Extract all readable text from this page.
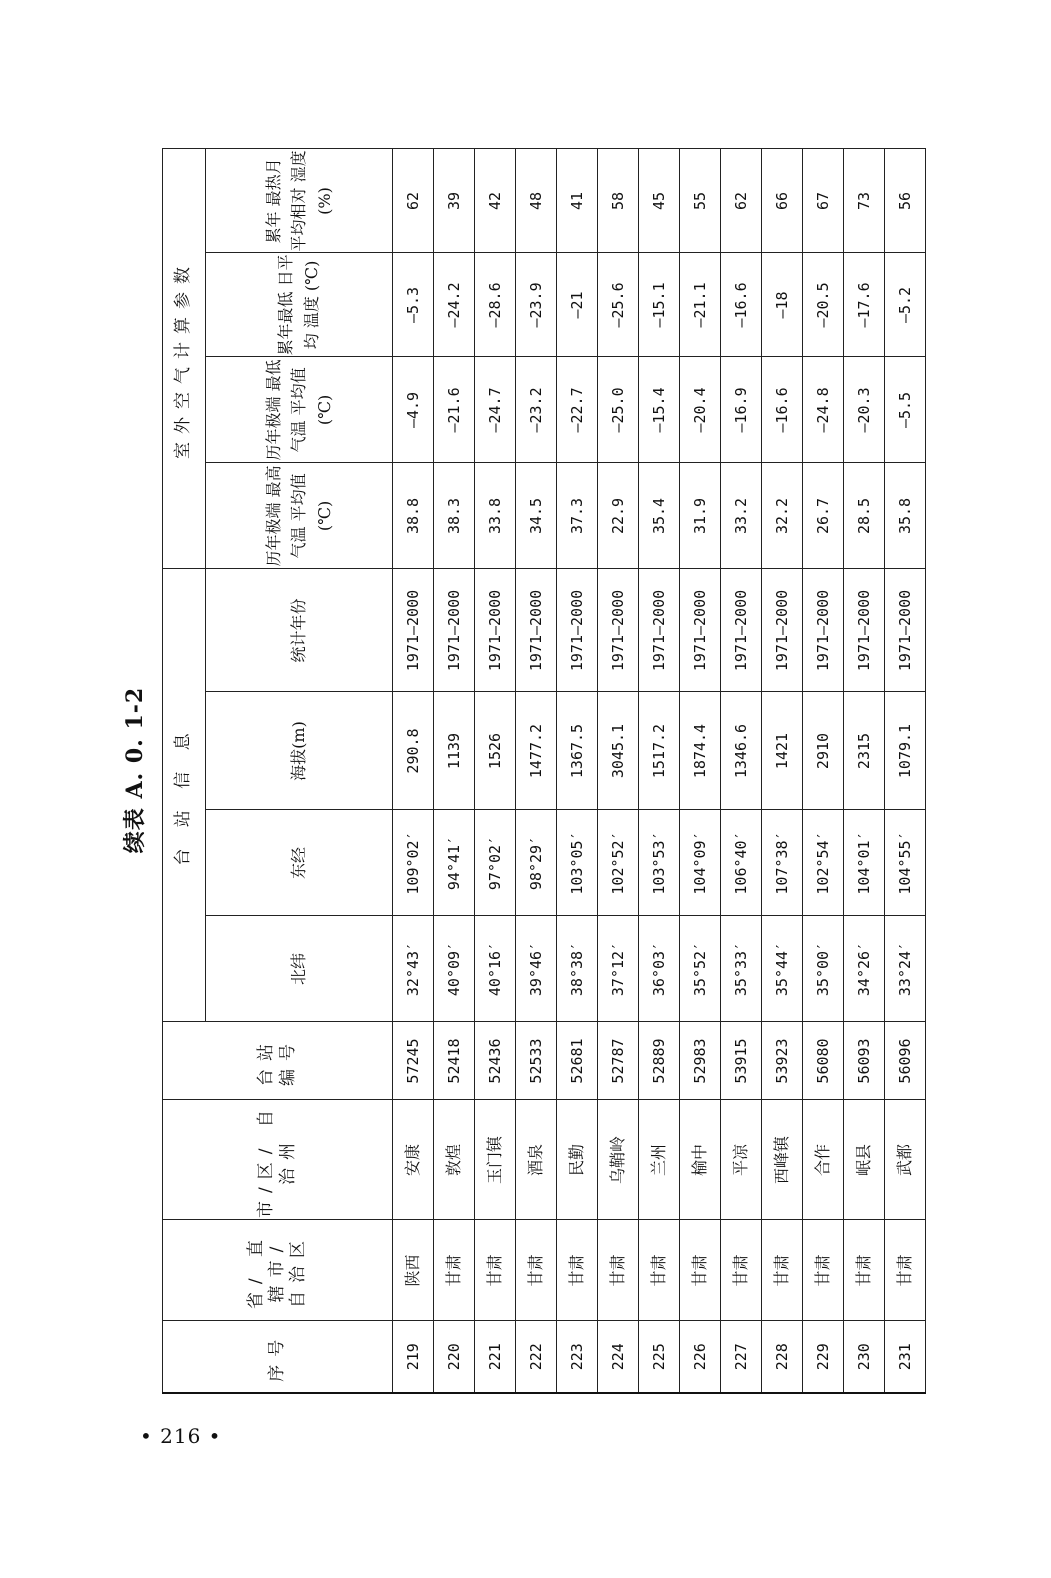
续表 A. 0. 1-2
序号	省/ 直辖市/ 自治区	市/区/ 自治州	台站 编号	台 站 信 息				室外空气计算参数			
				北纬	东经	海拔(m)	统计年份	历年极端 最高气温 平均值 (℃)	历年极端 最低气温 平均值 (℃)	累年最低 日平均 温度 (℃)	累年 最热月 平均相对 湿度(%)
219	陕西	安康	57245	32°43′	109°02′	290.8	1971—2000	38.8	—4.9	—5.3	62
220	甘肃	敦煌	52418	40°09′	94°41′	1139	1971—2000	38.3	—21.6	—24.2	39
221	甘肃	玉门镇	52436	40°16′	97°02′	1526	1971—2000	33.8	—24.7	—28.6	42
222	甘肃	酒泉	52533	39°46′	98°29′	1477.2	1971—2000	34.5	—23.2	—23.9	48
223	甘肃	民勤	52681	38°38′	103°05′	1367.5	1971—2000	37.3	—22.7	—21	41
224	甘肃	乌鞘岭	52787	37°12′	102°52′	3045.1	1971—2000	22.9	—25.0	—25.6	58
225	甘肃	兰州	52889	36°03′	103°53′	1517.2	1971—2000	35.4	—15.4	—15.1	45
226	甘肃	榆中	52983	35°52′	104°09′	1874.4	1971—2000	31.9	—20.4	—21.1	55
227	甘肃	平凉	53915	35°33′	106°40′	1346.6	1971—2000	33.2	—16.9	—16.6	62
228	甘肃	西峰镇	53923	35°44′	107°38′	1421	1971—2000	32.2	—16.6	—18	66
229	甘肃	合作	56080	35°00′	102°54′	2910	1971—2000	26.7	—24.8	—20.5	67
230	甘肃	岷县	56093	34°26′	104°01′	2315	1971—2000	28.5	—20.3	—17.6	73
231	甘肃	武都	56096	33°24′	104°55′	1079.1	1971—2000	35.8	—5.5	—5.2	56
• 216 •
